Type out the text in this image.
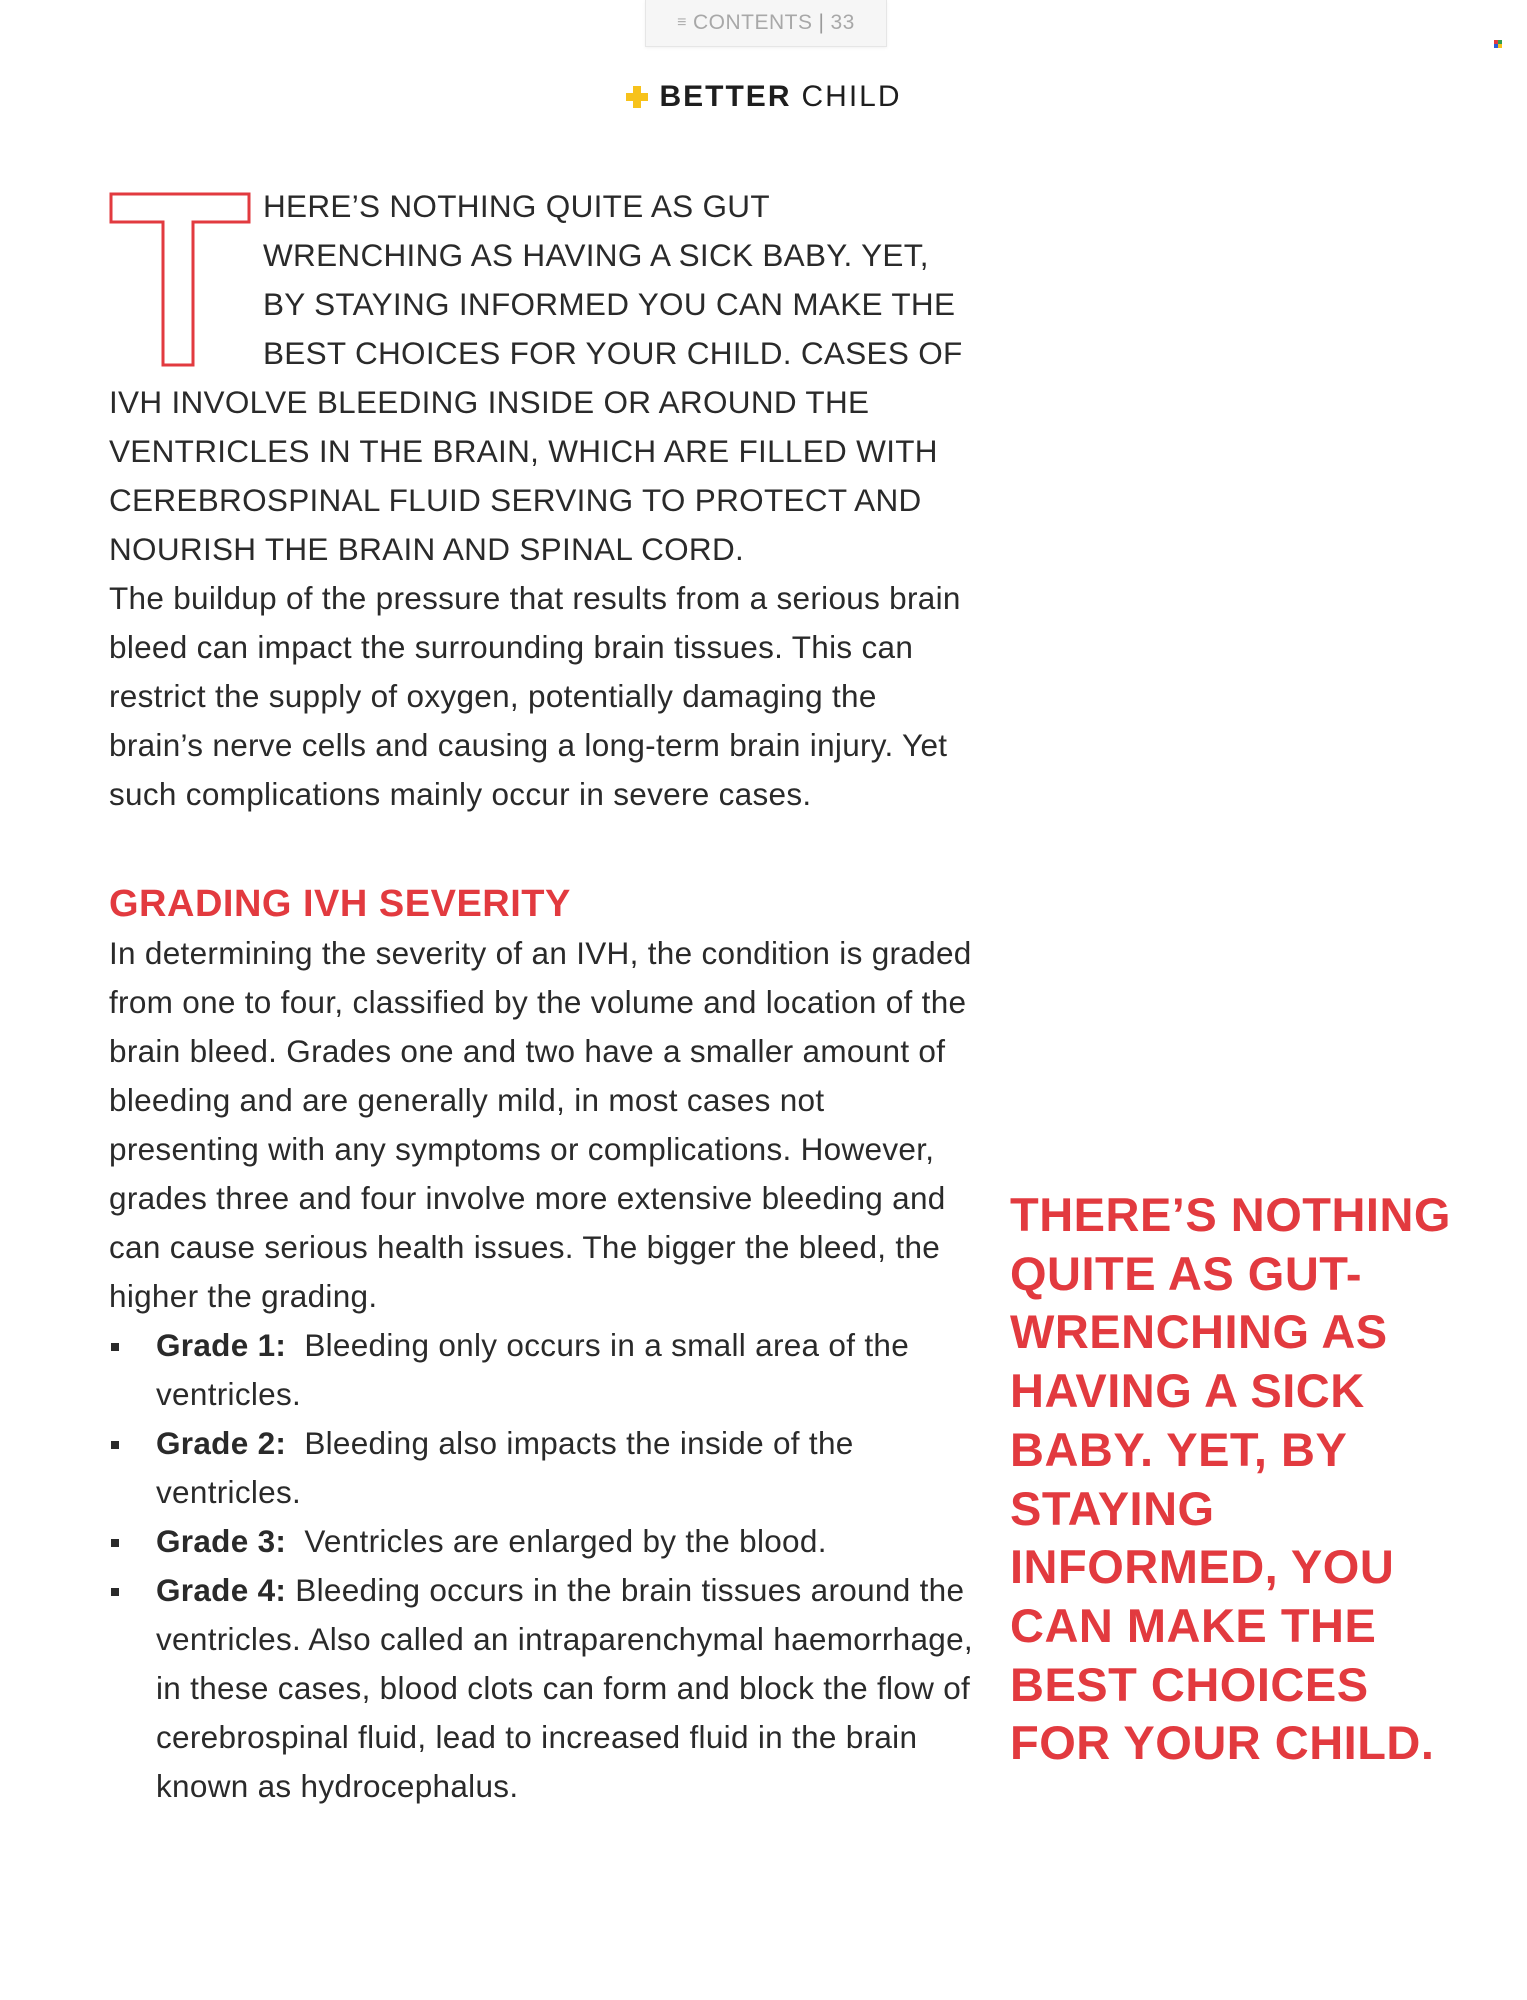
≡ CONTENTS | 33
BETTER CHILD
T

HERE’S NOTHING QUITE AS GUT WRENCHING AS HAVING A SICK BABY. YET, BY STAYING INFORMED YOU CAN MAKE THE BEST CHOICES FOR YOUR CHILD. CASES OF IVH INVOLVE BLEEDING INSIDE OR AROUND THE VENTRICLES IN THE BRAIN, WHICH ARE FILLED WITH CEREBROSPINAL FLUID SERVING TO PROTECT AND NOURISH THE BRAIN AND SPINAL CORD.

The buildup of the pressure that results from a serious brain bleed can impact the surrounding brain tissues. This can restrict the supply of oxygen, potentially damaging the brain’s nerve cells and causing a long-term brain injury. Yet such complications mainly occur in severe cases.

GRADING IVH SEVERITY

In determining the severity of an IVH, the condition is graded from one to four, classified by the volume and location of the brain bleed. Grades one and two have a smaller amount of bleeding and are generally mild, in most cases not presenting with any symptoms or complications. However, grades three and four involve more extensive bleeding and can cause serious health issues. The bigger the bleed, the higher the grading.

Grade 1: Bleeding only occurs in a small area of the ventricles.
Grade 2: Bleeding also impacts the inside of the ventricles.
Grade 3: Ventricles are enlarged by the blood.
Grade 4: Bleeding occurs in the brain tissues around the ventricles. Also called an intraparenchymal haemorrhage, in these cases, blood clots can form and block the flow of cerebrospinal fluid, lead to increased fluid in the brain known as hydrocephalus.

THERE’S NOTHING QUITE AS GUT-WRENCHING AS HAVING A SICK BABY. YET, BY STAYING INFORMED, YOU CAN MAKE THE BEST CHOICES FOR YOUR CHILD.
